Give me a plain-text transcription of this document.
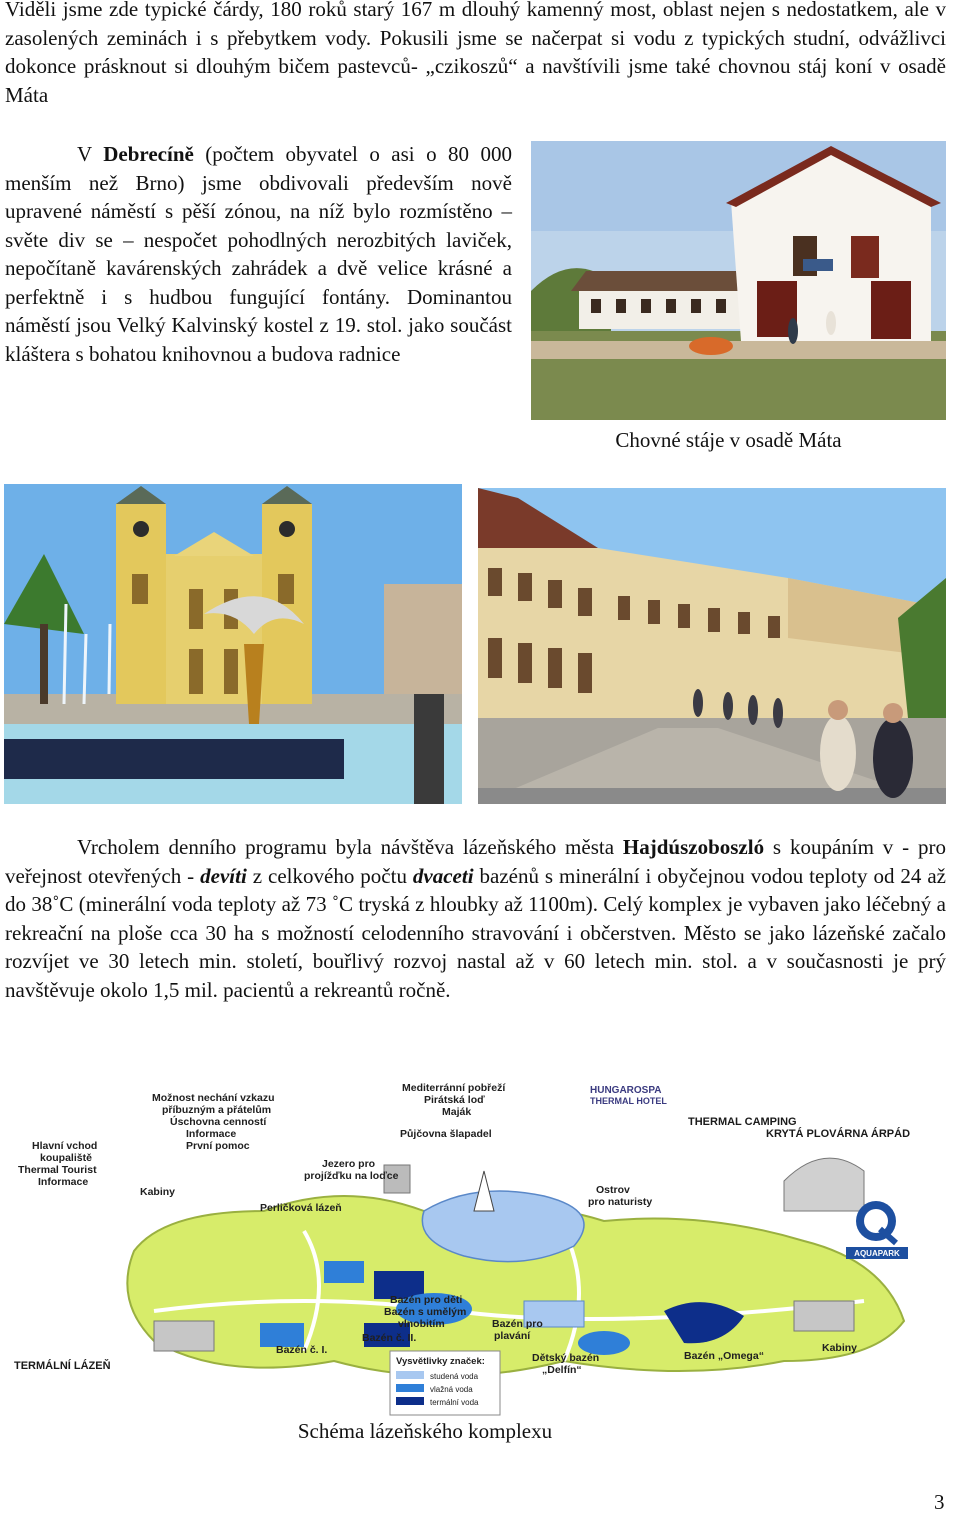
Viděli jsme zde typické čárdy, 180 roků starý 167 m dlouhý kamenný most, oblast nejen s nedostatkem, ale v zasolených zeminách i s přebytkem vody. Pokusili jsme se načerpat si vodu z typických studní, odvážlivci dokonce prásknout si dlouhým bičem pastevců- „czikoszů“ a navštívili jsme také chovnou stáj koní v osadě Máta

V Debrecíně (počtem obyvatel o asi o 80 000 menším než Brno) jsme obdivovali především nově upravené náměstí s pěší zónou, na níž bylo rozmístěno – světe div se – nespočet pohodlných nerozbitých laviček, nepočítaně kavárenských zahrádek a dvě velice krásné a perfektně i s hudbou fungující fontány. Dominantou náměstí jsou Velký Kalvinský kostel z 19. stol. jako součást kláštera s bohatou knihovnou a budova radnice

Chovné stáje v osadě Máta

Vrcholem denního programu byla návštěva lázeňského města Hajdúszoboszló s koupáním v - pro veřejnost otevřených - devíti z celkového počtu dvaceti bazénů s minerální i obyčejnou vodou teploty od 24 až do 38˚C (minerální voda teploty až 73 ˚C tryská z hloubky až 1100m). Celý komplex je vybaven jako léčebný a rekreační na ploše cca 30 ha s možností celodenního stravování i občerstven. Město se jako lázeňské začalo rozvíjet ve 30 letech min. století, bouřlivý rozvoj nastal až v 60 letech min. stol. a v současnosti je prý navštěvuje okolo 1,5 mil. pacientů a rekreantů ročně.

Hlavní vchod
koupaliště
Thermal Tourist
Informace
Možnost nechání vzkazu
příbuzným a přátelům
Úschovna cenností
Informace
První pomoc
Mediterránní pobřeží
Pirátská loď
Maják
Půjčovna šlapadel
Jezero pro
projížďku na loďce
HUNGAROSPA
THERMAL HOTEL
THERMAL CAMPING
KRYTÁ PLOVÁRNA ÁRPÁD
TERMÁLNÍ LÁZEŇ
Kabiny
Perličková lázeň
Ostrov
pro naturisty
Bazén pro děti
Bazén s umělým
vlnobitím
Bazén č. II.
Bazén č. I.
Bazén pro
plavání
Dětský bazén
„Delfín“
Bazén „Omega“
Kabiny
AQUAPARK
Vysvětlivky značek:
studená voda
vlažná voda
termální voda

Schéma lázeňského komplexu

3
